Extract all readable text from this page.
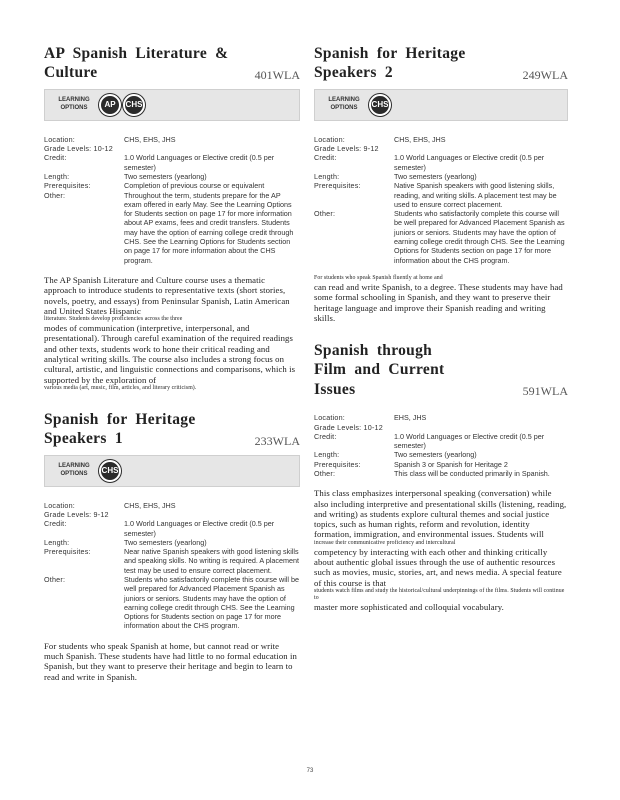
AP Spanish Literature & Culture	401WLA
LEARNING OPTIONS	AP	CHS
Location:	CHS, EHS, JHS
Grade Levels: 10-12
Credit:	1.0 World Languages or Elective credit (0.5 per semester)
Length:	Two semesters (yearlong)
Prerequisites:	Completion of previous course or equivalent
Other:	Throughout the term, students prepare for the AP exam offered in early May. See the Learning Options for Students section on page 17 for more information about AP exams, fees and credit transfers. Students may have the option of earning college credit through CHS. See the Learning Options for Students section on page 17 for more information about the CHS program.
The AP Spanish Literature and Culture course uses a thematic approach to introduce students to representative texts (short stories, novels, poetry, and essays) from Peninsular Spanish, Latin American and United States Hispanic
literature. Students develop proficiencies across the three
modes of communication (interpretive, interpersonal, and presentational). Through careful examination of the required readings and other texts, students work to hone their critical reading and analytical writing skills. The course also includes a strong focus on cultural, artistic, and linguistic connections and comparisons, which is supported by the exploration of
various media (art, music, film, articles, and literary criticism).
Spanish for Heritage Speakers 1	233WLA
LEARNING OPTIONS	CHS
Location:	CHS, EHS, JHS
Grade Levels: 9-12
Credit:	1.0 World Languages or Elective credit (0.5 per semester)
Length:	Two semesters (yearlong)
Prerequisites:	Near native Spanish speakers with good listening skills and speaking skills. No writing is required. A placement test may be used to ensure correct placement.
Other:	Students who satisfactorily complete this course will be well prepared for Advanced Placement Spanish as juniors or seniors. Students may have the option of earning college credit through CHS. See the Learning Options for Students section on page 17 for more information about the CHS program.
For students who speak Spanish at home, but cannot read or write much Spanish. These students have had little to no formal education in Spanish, but they want to preserve their heritage and begin to learn to read and write in Spanish.
Spanish for Heritage Speakers 2	249WLA
LEARNING OPTIONS	CHS
Location:	CHS, EHS, JHS
Grade Levels: 9-12
Credit:	1.0 World Languages or Elective credit (0.5 per semester)
Length:	Two semesters (yearlong)
Prerequisites:	Native Spanish speakers with good listening skills, reading, and writing skills. A placement test may be used to ensure correct placement.
Other:	Students who satisfactorily complete this course will be well prepared for Advanced Placement Spanish as juniors or seniors. Students may have the option of earning college credit through CHS. See the Learning Options for Students section on page 17 for more information about the CHS program.
For students who speak Spanish fluently at home and
can read and write Spanish, to a degree. These students may have had some formal schooling in Spanish, and they want to preserve their heritage language and improve their Spanish reading and writing skills.
Spanish through Film and Current Issues	591WLA
Location:	EHS, JHS
Grade Levels: 10-12
Credit:	1.0 World Languages or Elective credit (0.5 per semester)
Length:	Two semesters (yearlong)
Prerequisites:	Spanish 3 or Spanish for Heritage 2
Other:	This class will be conducted primarily in Spanish.
This class emphasizes interpersonal speaking (conversation) while also including interpretive and presentational skills (listening, reading, and writing) as students explore cultural themes and social justice topics, such as human rights, reform and revolution, identity formation, immigration, and environmental issues. Students will
increase their communicative proficiency and intercultural
competency by interacting with each other and thinking critically about authentic global issues through the use of authentic resources such as movies, music, stories, art, and news media. A special feature of this course is that
students watch films and study the historical/cultural underpinnings of the films. Students will continue to
master more sophisticated and colloquial vocabulary.
73
